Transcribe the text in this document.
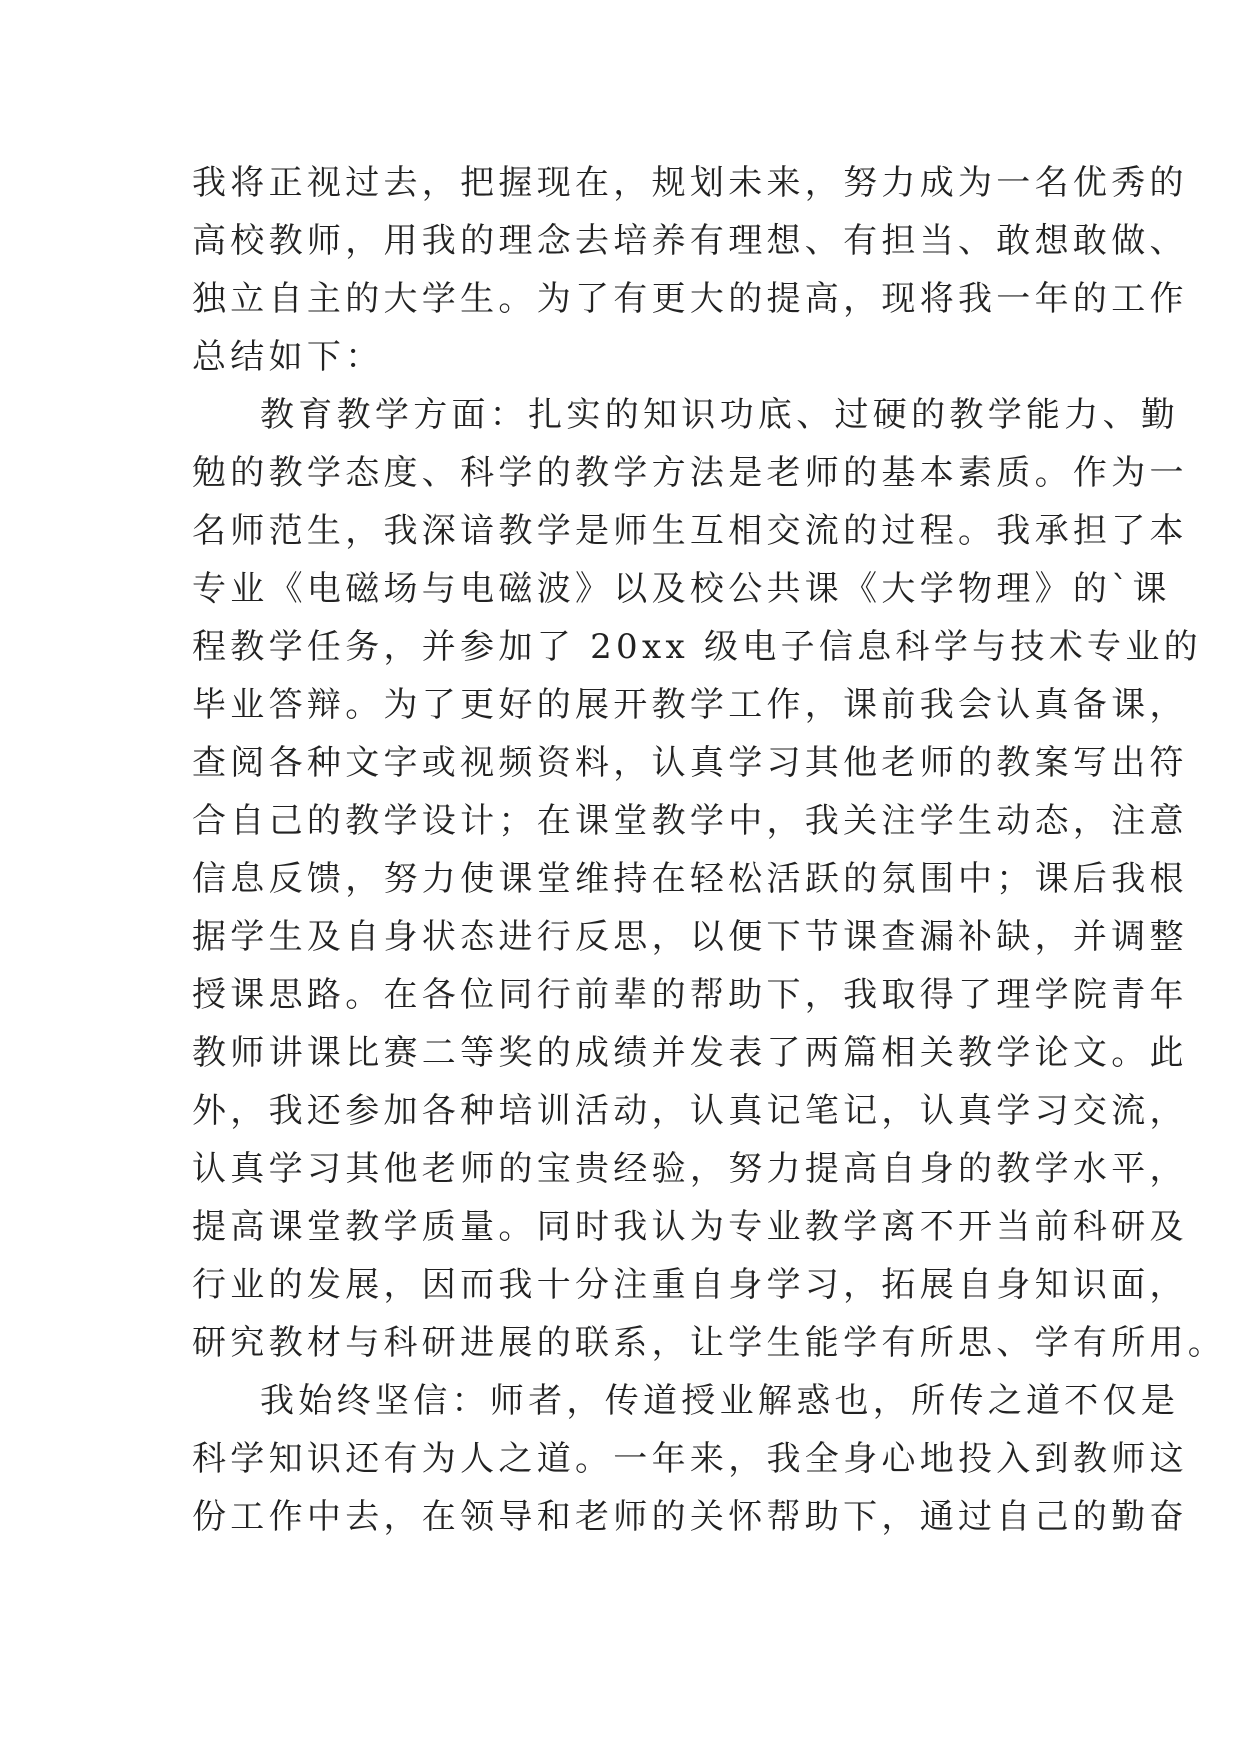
我将正视过去，把握现在，规划未来，努力成为一名优秀的
高校教师，用我的理念去培养有理想、有担当、敢想敢做、
独立自主的大学生。为了有更大的提高，现将我一年的工作
总结如下：
教育教学方面：扎实的知识功底、过硬的教学能力、勤
勉的教学态度、科学的教学方法是老师的基本素质。作为一
名师范生，我深谙教学是师生互相交流的过程。我承担了本
专业《电磁场与电磁波》以及校公共课《大学物理》的`课
程教学任务，并参加了 20xx 级电子信息科学与技术专业的
毕业答辩。为了更好的展开教学工作，课前我会认真备课，
查阅各种文字或视频资料，认真学习其他老师的教案写出符
合自己的教学设计；在课堂教学中，我关注学生动态，注意
信息反馈，努力使课堂维持在轻松活跃的氛围中；课后我根
据学生及自身状态进行反思，以便下节课查漏补缺，并调整
授课思路。在各位同行前辈的帮助下，我取得了理学院青年
教师讲课比赛二等奖的成绩并发表了两篇相关教学论文。此
外，我还参加各种培训活动，认真记笔记，认真学习交流，
认真学习其他老师的宝贵经验，努力提高自身的教学水平，
提高课堂教学质量。同时我认为专业教学离不开当前科研及
行业的发展，因而我十分注重自身学习，拓展自身知识面，
研究教材与科研进展的联系，让学生能学有所思、学有所用。
我始终坚信：师者，传道授业解惑也，所传之道不仅是
科学知识还有为人之道。一年来，我全身心地投入到教师这
份工作中去，在领导和老师的关怀帮助下，通过自己的勤奋
